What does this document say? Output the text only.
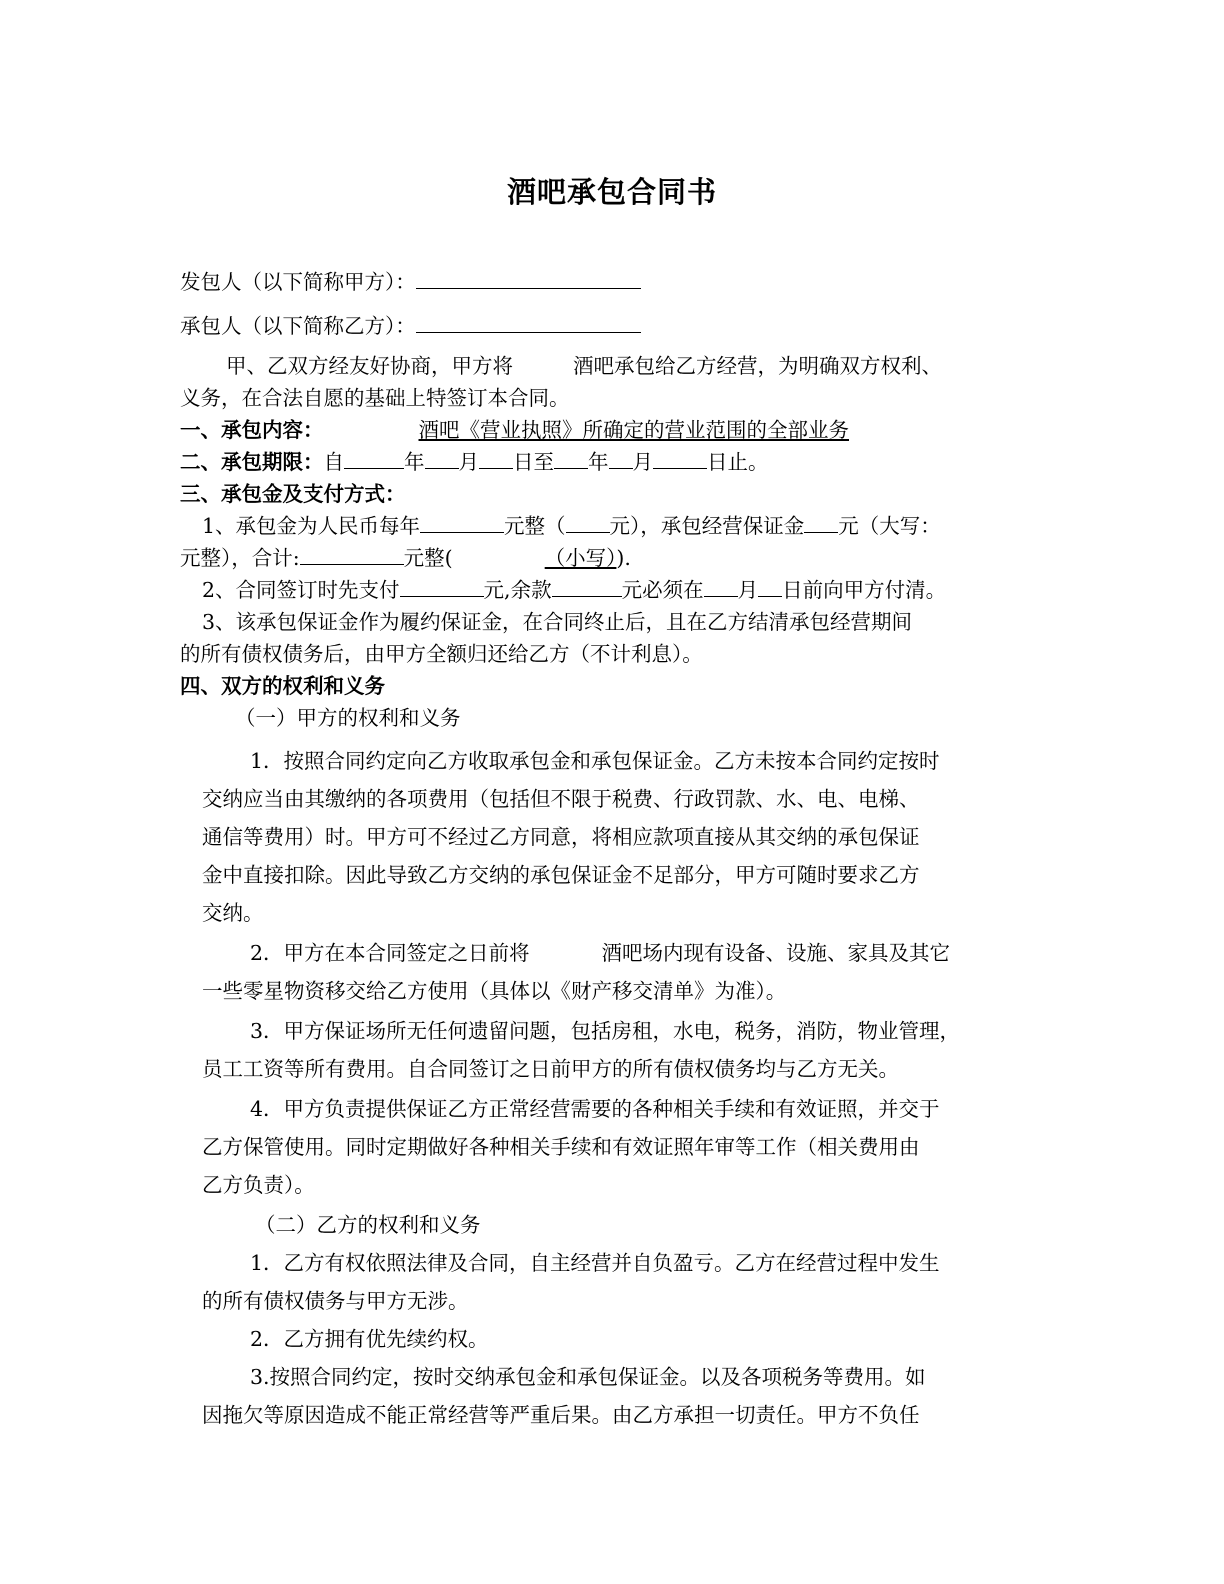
酒吧承包合同书
发包人（以下简称甲方）：
承包人（以下简称乙方）：
甲、乙双方经友好协商，甲方将	酒吧承包给乙方经营，为明确双方权利、
义务，在合法自愿的基础上特签订本合同。
一、承包内容：	酒吧《营业执照》所确定的营业范围的全部业务
二、承包期限：自	年 月 日至 年 月	日止。
三、承包金及支付方式：
1、承包金为人民币每年	元整（ 元），承包经营保证金 元（大写：
元整），合计:	元整(	（小写）).
2、合同签订时先支付	元,余款	元必须在 月 日前向甲方付清。
3、该承包保证金作为履约保证金，在合同终止后，且在乙方结清承包经营期间
的所有债权债务后，由甲方全额归还给乙方（不计利息）。
四、双方的权利和义务
（一）甲方的权利和义务
1．按照合同约定向乙方收取承包金和承包保证金。乙方未按本合同约定按时
交纳应当由其缴纳的各项费用（包括但不限于税费、行政罚款、水、电、电梯、
通信等费用）时。甲方可不经过乙方同意，将相应款项直接从其交纳的承包保证
金中直接扣除。因此导致乙方交纳的承包保证金不足部分，甲方可随时要求乙方
交纳。
2．甲方在本合同签定之日前将	酒吧场内现有设备、设施、家具及其它
一些零星物资移交给乙方使用（具体以《财产移交清单》为准）。
3．甲方保证场所无任何遗留问题，包括房租，水电，税务，消防，物业管理，
员工工资等所有费用。自合同签订之日前甲方的所有债权债务均与乙方无关。
4．甲方负责提供保证乙方正常经营需要的各种相关手续和有效证照，并交于
乙方保管使用。同时定期做好各种相关手续和有效证照年审等工作（相关费用由
乙方负责）。
（二）乙方的权利和义务
1．乙方有权依照法律及合同，自主经营并自负盈亏。乙方在经营过程中发生
的所有债权债务与甲方无涉。
2．乙方拥有优先续约权。
3.按照合同约定，按时交纳承包金和承包保证金。以及各项税务等费用。如
因拖欠等原因造成不能正常经营等严重后果。由乙方承担一切责任。甲方不负任
